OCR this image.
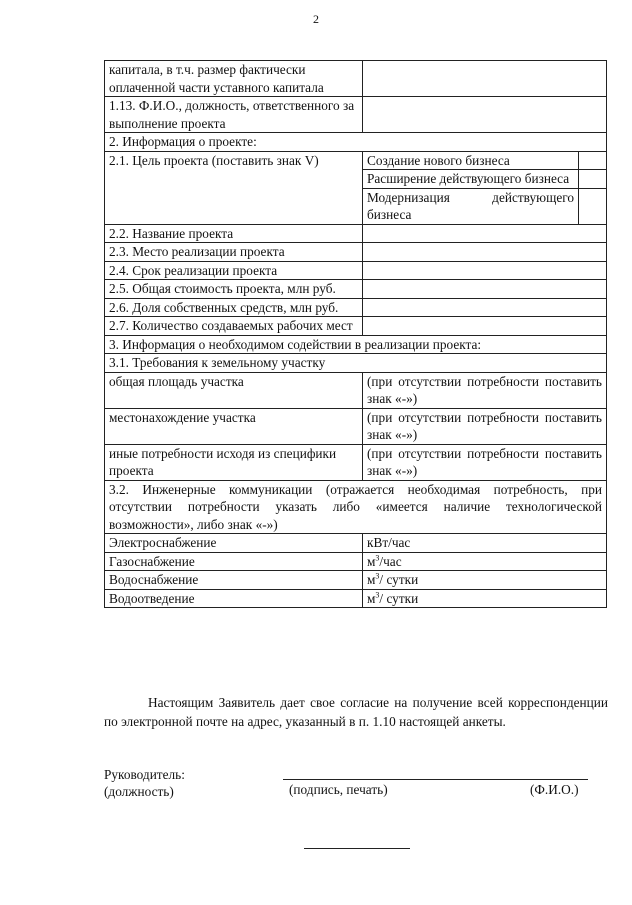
2
капитала, в т.ч. размер фактически оплаченной части уставного капитала		
1.13. Ф.И.О., должность, ответственного за выполнение проекта		
2. Информация о проекте:		
2.1. Цель проекта (поставить знак V)	Создание нового бизнеса	
	Расширение действующего бизнеса	
	Модернизация действующего бизнеса	
2.2. Название проекта		
2.3. Место реализации проекта		
2.4. Срок реализации проекта		
2.5. Общая стоимость проекта, млн руб.		
2.6. Доля собственных средств, млн руб.		
2.7. Количество создаваемых рабочих мест		
3. Информация о необходимом содействии в реализации проекта:		
3.1. Требования к земельному участку		
общая площадь участка	(при отсутствии потребности поставить знак «-»)	
местонахождение участка	(при отсутствии потребности поставить знак «-»)	
иные потребности исходя из специфики проекта	(при отсутствии потребности поставить знак «-»)	
3.2. Инженерные коммуникации (отражается необходимая потребность, при отсутствии потребности указать либо «имеется наличие технологической возможности», либо знак «-»)		
Электроснабжение	кВт/час	
Газоснабжение	$м^3$/час	
Водоснабжение	$м^3/$ сутки	
Водоотведение	$м^3/$ сутки	
Настоящим Заявитель дает свое согласие на получение всей корреспонденции по электронной почте на адрес, указанный в п. 1.10 настоящей анкеты.
Руководитель:
(должность)	(подпись, печать)	(Ф.И.О.)
